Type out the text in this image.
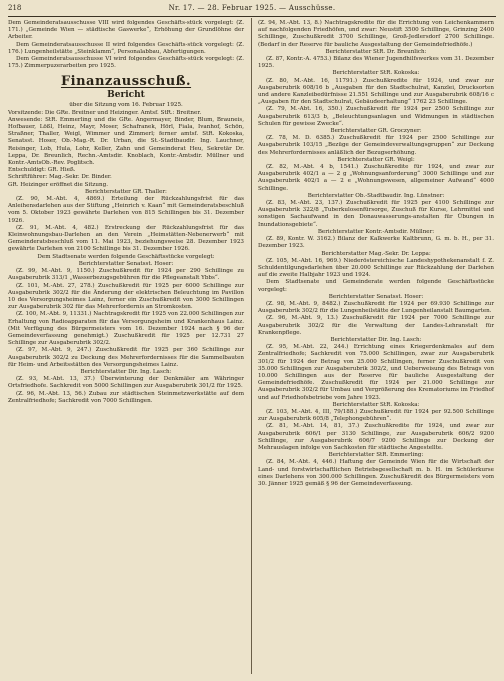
218	Nr. 17. — 28. Februar 1925. — Ausschüsse.

Dem Gemeinderatsausschusse VIII wird folgendes Geschäfts-stück vorgelegt: (Z. 171.) „Gemeinde Wien — städtische Gaswerke“, Erhöhung der Grundlöhne der Arbeiter.

Dem Gemeinderatsausschusse II wird folgendes Geschäfts-stück vorgelegt: (Z. 176.) Lungenheilstätte „Steinklamm“, Personalabbau, Abfertigungen.

Dem Gemeinderatsausschusse VI wird folgendes Geschäfts-stück vorgelegt: (Z. 175.) Zimmerpuzerarbeiten pro 1925.

Finanzausschuß.
Bericht

über die Sitzung vom 16. Februar 1925.

Vorsitzende: Die GRe. Breitner und Heizinger. Amtsf. StR.: Breitner.

Anwesende: StR. Emmerling und die GRe. Angermayer, Binder, Blum, Brauneis, Hofbauer, Lößl, Heinz, Mayr, Moser, Schafranek, Hörl, Fiala, Ivanhof, Schön, Straßner, Thaller, Weigl, Wimmer und Zimmerl; ferner amtsf. StR. Kokoska, Senatsst. Hoser, Ob.-Mag.-R. Dr. Urban, die St.-Stadtbaudir. Ing. Lauchner, Reisinger, Lob, Hula, Lohr, Keller, Zahn und Gemeinderat Heu, Sekretär Dr. Leppa, Dr. Breunlich, Rechn.-Amtsdir. Knoblach, Kontr.-Amtsdir. Müllner und Kontr.-AmtsOb.-Rev. Poglitsch.

Entschuldigt: GR. Hieß.

Schriftführer: Mag.-Sekr. Dr. Binder.

GR. Heizinger eröffnet die Sitzung.

Berichterstatter GR. Thaller:

(Z. 90, M.-Abt. 4, 4869.) Erteilung der Rückzahlungsfrist für das Anleihensdarlehen aus der Stiftung „Heinrich v. Kaan“ mit Gemeinderatsbeschluß vom 5. Oktober 1923 gewährte Darlehen von 815 Schillingen bis 31. Dezember 1926.

(Z. 91, M.-Abt. 4, 482.) Erstreckung der Rückzahlungsfrist für das Kleinwohnungsbau-Darlehen an den Verein „Heimstätten-Nebenerwerb“ mit Gemeinderatsbeschluß vom 11. Mai 1923, beziehungsweise 28. Dezember 1923 gewährte Darlehen von 2100 Schillinge bis 31. Dezember 1926.

Dem Stadtsenate werden folgende Geschäftsstücke vorgelegt:

Berichterstatter Senatsst. Hoser:

(Z. 99, M.-Abt. 9, 1150.) Zuschußkredit für 1924 per 290 Schillinge zu Ausgaberubrik 313/1 „Wasserbezugsgebühren für die Pflegeanstalt Ybbs“.

(Z. 101, M.-Abt. 27, 278.) Zuschußkredit für 1925 per 6000 Schillinge zur Ausgaberubrik 302/2 für die Änderung der elektrischen Beleuchtung im Pavillon 10 des Versorgungsheimes Lainz, ferner ein Zuschußkredit von 3000 Schillingen zur Ausgaberubrik 302 für das Mehrerfordernis an Stromkosten.

(Z. 100, M.-Abt. 9, 11331.) Nachtragskredit für 1925 von 22.000 Schillingen zur Erhaltung von Radioapparaten für das Versorgungsheim und Krankenhaus Lainz. (Mit Verfügung des Bürgermeisters vom 16. Dezember 1924 nach § 96 der Gemeindeverfassung genehmigt.) Zuschußkredit für 1925 per 12.731 27 Schillinge zur Ausgaberubrik 302/2.

(Z. 97, M.-Abt. 9, 247.) Zuschußkredit für 1925 per 360 Schillinge zur Ausgaberubrik 302/2 zu Deckung des Mehrerfordernisses für die Sammelbauten für Heim- und Arbeitsstätten des Versorgungsheimes Lainz.

Berichterstatter Dir. Ing. Lasch:

(Z. 93, M.-Abt. 13, 37.) Überwinterung der Denkmäler am Währinger Ortsfriedhofe. Sachkredit von 5000 Schillingen zur Ausgaberubrik 301/2 für 1925.

(Z. 96, M.-Abt. 13, 56.) Zubau zur städtischen Steinmetzwerkstätte auf dem Zentralfriedhofe; Sachkredit von 7000 Schillingen.

(Z. 94, M.-Abt. 13, 8.) Nachtragskredite für die Errichtung von Leichenkammern auf nachfolgenden Friedhöfen, und zwar: Neustift 3500 Schillinge, Grinzing 2400 Schillinge, Zuschußkredit 3700 Schillinge, Groß-Jedlersdorf 2700 Schillinge. (Bedarf in der Reserve für bauliche Ausgestaltung der Gemeindefriedhöfe.)

Berichterstatter StR. Dr. Breunlich:

(Z. 87, Kontr.-A. 4753.) Bilanz des Wiener Jugendhilfswerkes vom 31. Dezember 1925.

Berichterstatter StR. Kokoska:

(Z. 80, M.-Abt. 16, 11791.) Zuschußkredite für 1924, und zwar zur Ausgaberubrik 608/16 b „Ausgaben für den Stadtschulrat, Kanzlei, Drucksorten und andere Kanzleibedürfnisse 21.551 Schillinge und zur Ausgaberubrik 608/16 c „Ausgaben für den Stadtschulrat, Gebäudeerhaltung“ 1762 23 Schillinge.

(Z. 79, M.-Abt. 16, 350.) Zuschußkredit für 1924 per 2500 Schillinge zur Ausgaberubrik 613/3 b, „Beleuchtungsanlagen und Widmungen in städtischen Schulen für gewisse Zwecke“.

Berichterstatter GR. Groczyner:

(Z. 78, M. D. 6385.) Zuschußkredit für 1924 per 2500 Schillinge zur Ausgaberubrik 103/15 „Bezüge der Gemeindeverwaltungsgruppen“ zur Deckung des Mehrerfordernisses anläßlich der Bezugserhöhung.

Berichterstatter GR. Weigl:

(Z. 82, M.-Abt. 4 b, 1541.) Zuschußkredite für 1924, und zwar zur Ausgaberubrik 402/1 a — 2 g „Wohnungsanforderung“ 3000 Schillinge und zur Ausgaberubrik 402/1 a — 2 e „Wohnungswesen, allgemeiner Aufwand“ 4000 Schillinge.

Berichterstatter Ob.-Stadtbaudir. Ing. Lünstner:

(Z. 83, M.-Abt. 23, 137.) Zuschußkredit für 1925 per 4100 Schillinge zur Ausgaberubrik 322/8 „Tuberkulosenfürsorge, Zuschuß für Kurse, Lehrmittel und sonstigen Sachaufwand in den Donauwasserungs-anstalten für Übungen in Inundationsgebiete“.

Berichterstatter Kontr.-Amtsdir. Müllner:

(Z. 89, Kontr. W. 3162.) Bilanz der Kalkwerke Kaltbrunn, G. m. b. H., per 31. Dezember 1923.

Berichterstatter Mag.-Sekr. Dr. Leppa:

(Z. 105, M.-Abt. 16, 969.) Niederöstereichische Landeshypothekenanstalt f. Z. Schuldentilgungsdarlehen über 20.000 Schillinge zur Rückzahlung der Darlehen auf die zweite Halbjahr 1923 und 1924.

Dem Stadtsenate und Gemeinderate werden folgende Geschäftsstücke vorgelegt:

Berichterstatter Senatsst. Hoser:

(Z. 98, M.-Abt. 9, 8482.) Zuschußkredit für 1924 per 69.930 Schillinge zur Ausgaberubrik 302/2 für die Lungenheilstätte der Lungenheilanstalt Baumgarten.

(Z. 96, M.-Abt. 9, 13.) Zuschußkredit für 1924 per 7000 Schillinge zur Ausgaberubrik 302/2 für die Verwaltung der Landes-Lehranstalt für Krankenpflege.

Berichterstatter Dir. Ing. Lasch:

(Z. 95, M.-Abt. 22, 244.) Errichtung eines Kriegerdenkmales auf dem Zentralfriedhofe; Sachkredit von 75.000 Schillingen, zwar zur Ausgaberubrik 301/2 für 1924 der Betrag von 25.000 Schillingen, ferner Zuschußkredit von 35.000 Schillingen zur Ausgaberubrik 302/2, und Ueberweisung des Betrags von 10.000 Schillingen aus der Reserve für bauliche Ausgestaltung der Gemeindefriedhöfe. Zuschußkredit für 1924 per 21.000 Schillinge zur Ausgaberubrik 302/2 für Umbau und Vergrößerung des Krematoriums im Friedhof und auf Friedhofsbetriebe vom Jahre 1923.

Berichterstatter StR. Kokoska:

(Z. 103, M.-Abt. 4, III, 79/188.) Zuschußkredit für 1924 per 92.500 Schillinge zur Ausgaberubrik 605/8 „Telephongebühren“.

(Z. 81, M.-Abt. 14, 81, 37.) Zuschußkredite für 1924, und zwar zur Ausgaberubrik 606/1 per 3130 Schillinge, zur Ausgaberubrik 606/2 9200 Schillinge, zur Ausgaberubrik 606/7 9200 Schillinge zur Deckung der Mehrauslagen infolge von Sachkosten für städtische Angestellte.

Berichterstatter StR. Emmerling:

(Z. 84, M.-Abt. 4, 446.) Haftung der Gemeinde Wien für die Wirtschaft der Land- und forstwirtschaftlichen Betriebsgesellschaft m. b. H. im Schülerkurse eines Darlehens von 300.000 Schillingen. Zuschußkredit des Bürgermeisters vom 30. Jänner 1925 gemäß § 96 der Gemeindeverfassung.
